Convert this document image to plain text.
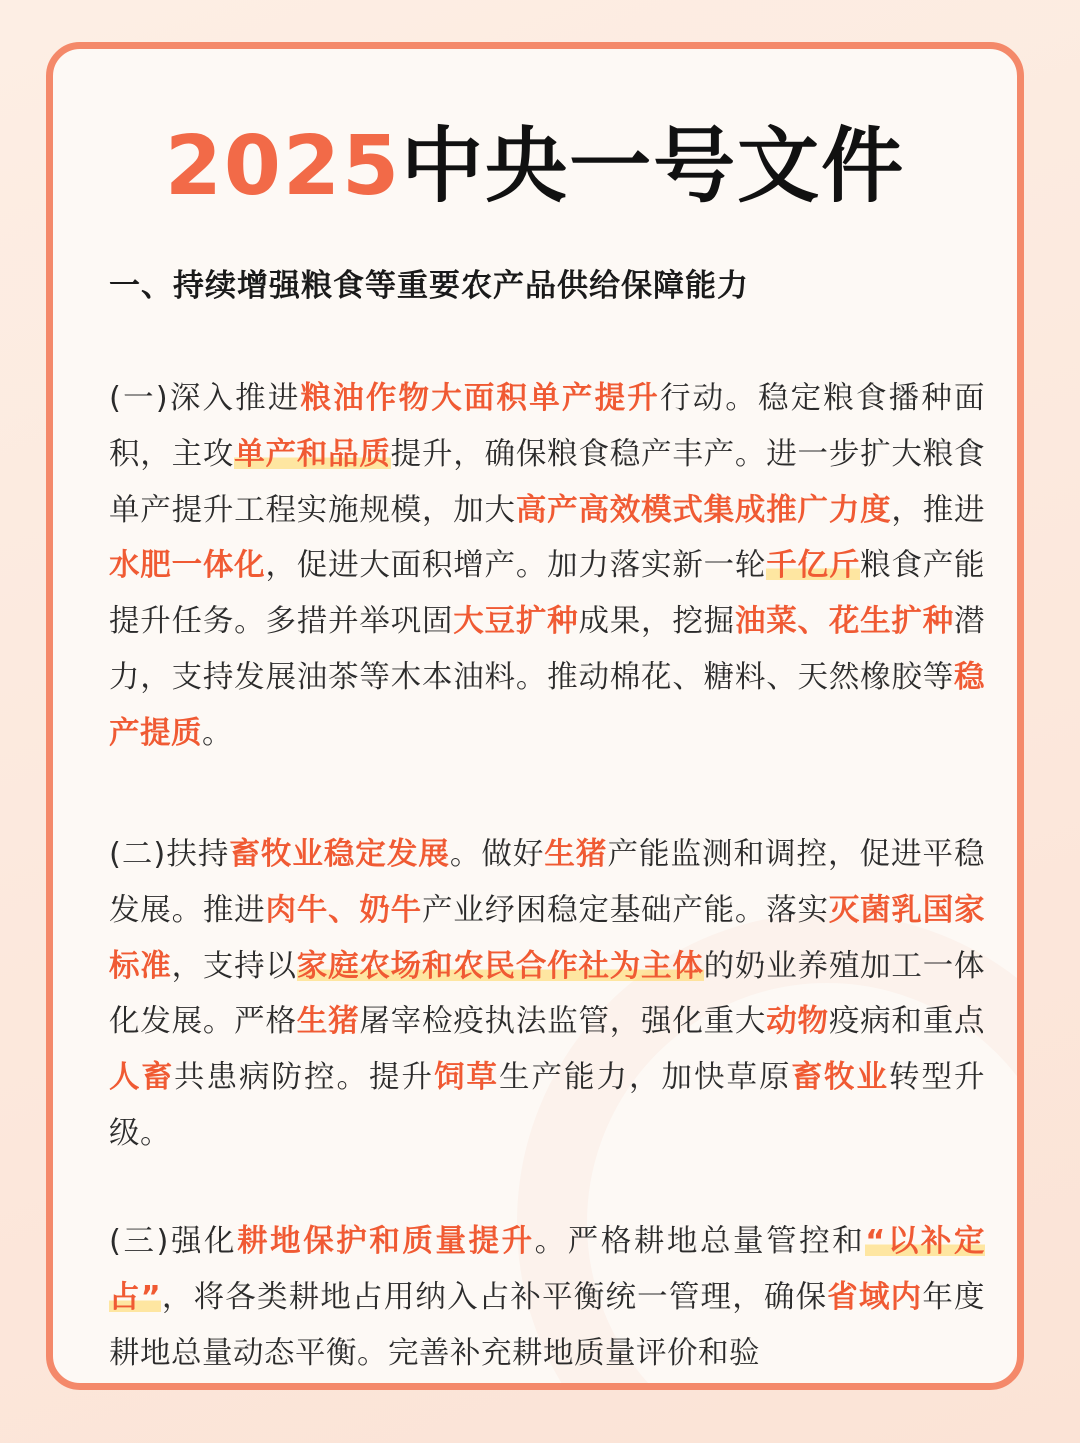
2025中央一号文件
一、持续增强粮食等重要农产品供给保障能力
(一)深入推进粮油作物大面积单产提升行动。稳定粮食播种面积，主攻单产和品质提升，确保粮食稳产丰产。进一步扩大粮食单产提升工程实施规模，加大高产高效模式集成推广力度，推进水肥一体化，促进大面积增产。加力落实新一轮千亿斤粮食产能提升任务。多措并举巩固大豆扩种成果，挖掘油菜、花生扩种潜力，支持发展油茶等木本油料。推动棉花、糖料、天然橡胶等稳产提质。
(二)扶持畜牧业稳定发展。做好生猪产能监测和调控，促进平稳发展。推进肉牛、奶牛产业纾困稳定基础产能。落实灭菌乳国家标准，支持以家庭农场和农民合作社为主体的奶业养殖加工一体化发展。严格生猪屠宰检疫执法监管，强化重大动物疫病和重点人畜共患病防控。提升饲草生产能力，加快草原畜牧业转型升级。
(三)强化耕地保护和质量提升。严格耕地总量管控和“以补定占”，将各类耕地占用纳入占补平衡统一管理，确保省域内年度耕地总量动态平衡。完善补充耕地质量评价和验
